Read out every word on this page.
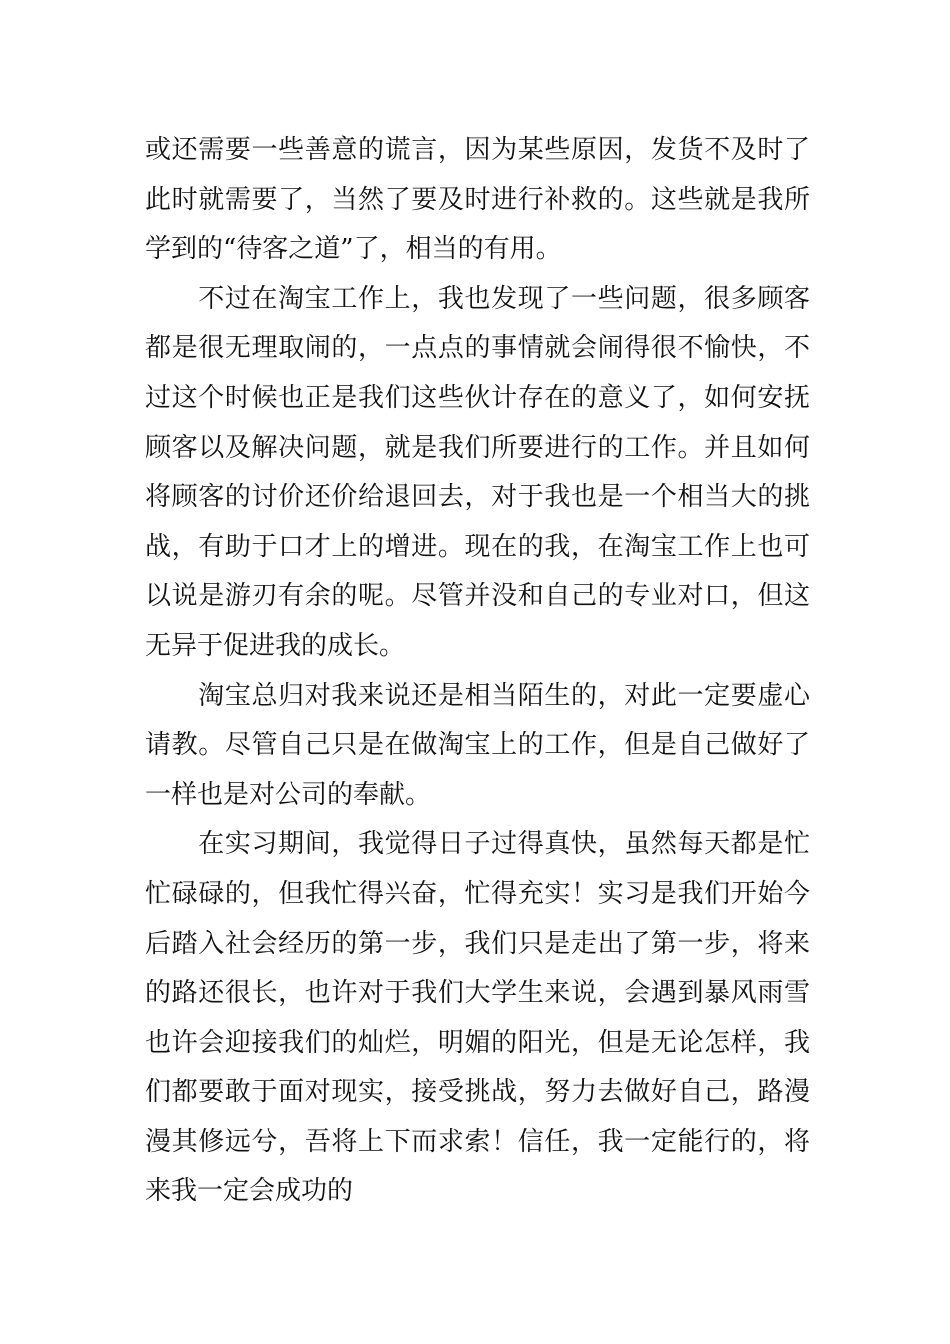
或还需要一些善意的谎言，因为某些原因，发货不及时了
此时就需要了，当然了要及时进行补救的。这些就是我所
学到的“待客之道”了，相当的有用。
　　不过在淘宝工作上，我也发现了一些问题，很多顾客
都是很无理取闹的，一点点的事情就会闹得很不愉快，不
过这个时候也正是我们这些伙计存在的意义了，如何安抚
顾客以及解决问题，就是我们所要进行的工作。并且如何
将顾客的讨价还价给退回去，对于我也是一个相当大的挑
战，有助于口才上的增进。现在的我，在淘宝工作上也可
以说是游刃有余的呢。尽管并没和自己的专业对口，但这
无异于促进我的成长。
　　淘宝总归对我来说还是相当陌生的，对此一定要虚心
请教。尽管自己只是在做淘宝上的工作，但是自己做好了
一样也是对公司的奉献。
　　在实习期间，我觉得日子过得真快，虽然每天都是忙
忙碌碌的，但我忙得兴奋，忙得充实！实习是我们开始今
后踏入社会经历的第一步，我们只是走出了第一步，将来
的路还很长，也许对于我们大学生来说，会遇到暴风雨雪
也许会迎接我们的灿烂，明媚的阳光，但是无论怎样，我
们都要敢于面对现实，接受挑战，努力去做好自己，路漫
漫其修远兮，吾将上下而求索！信任，我一定能行的，将
来我一定会成功的
